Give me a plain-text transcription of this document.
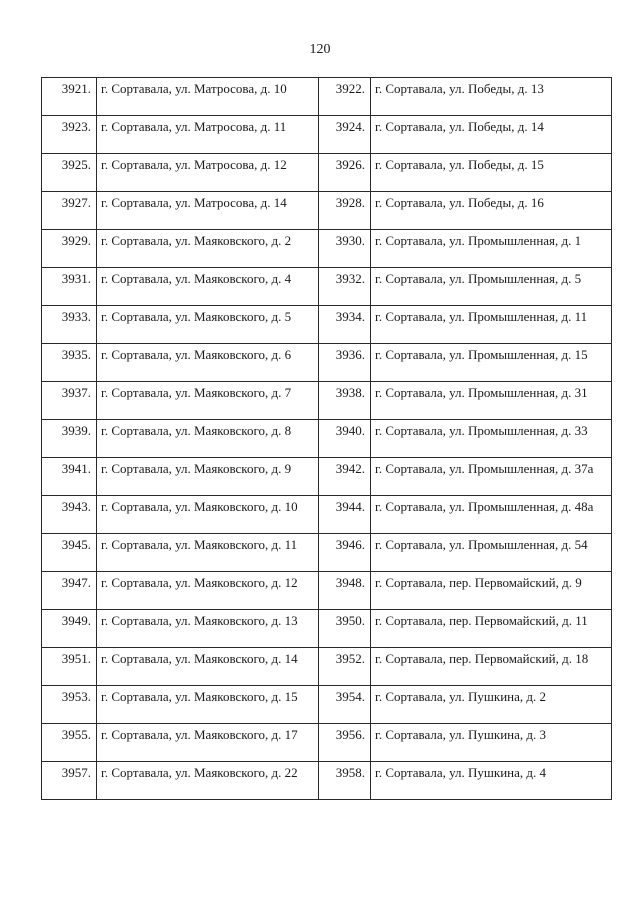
120
3921.	г. Сортавала, ул. Матросова, д. 10	3922.	г. Сортавала, ул. Победы, д. 13
3923.	г. Сортавала, ул. Матросова, д. 11	3924.	г. Сортавала, ул. Победы, д. 14
3925.	г. Сортавала, ул. Матросова, д. 12	3926.	г. Сортавала, ул. Победы, д. 15
3927.	г. Сортавала, ул. Матросова, д. 14	3928.	г. Сортавала, ул. Победы, д. 16
3929.	г. Сортавала, ул. Маяковского, д. 2	3930.	г. Сортавала, ул. Промышленная, д. 1
3931.	г. Сортавала, ул. Маяковского, д. 4	3932.	г. Сортавала, ул. Промышленная, д. 5
3933.	г. Сортавала, ул. Маяковского, д. 5	3934.	г. Сортавала, ул. Промышленная, д. 11
3935.	г. Сортавала, ул. Маяковского, д. 6	3936.	г. Сортавала, ул. Промышленная, д. 15
3937.	г. Сортавала, ул. Маяковского, д. 7	3938.	г. Сортавала, ул. Промышленная, д. 31
3939.	г. Сортавала, ул. Маяковского, д. 8	3940.	г. Сортавала, ул. Промышленная, д. 33
3941.	г. Сортавала, ул. Маяковского, д. 9	3942.	г. Сортавала, ул. Промышленная, д. 37а
3943.	г. Сортавала, ул. Маяковского, д. 10	3944.	г. Сортавала, ул. Промышленная, д. 48а
3945.	г. Сортавала, ул. Маяковского, д. 11	3946.	г. Сортавала, ул. Промышленная, д. 54
3947.	г. Сортавала, ул. Маяковского, д. 12	3948.	г. Сортавала, пер. Первомайский, д. 9
3949.	г. Сортавала, ул. Маяковского, д. 13	3950.	г. Сортавала, пер. Первомайский, д. 11
3951.	г. Сортавала, ул. Маяковского, д. 14	3952.	г. Сортавала, пер. Первомайский, д. 18
3953.	г. Сортавала, ул. Маяковского, д. 15	3954.	г. Сортавала, ул. Пушкина, д. 2
3955.	г. Сортавала, ул. Маяковского, д. 17	3956.	г. Сортавала, ул. Пушкина, д. 3
3957.	г. Сортавала, ул. Маяковского, д. 22	3958.	г. Сортавала, ул. Пушкина, д. 4
